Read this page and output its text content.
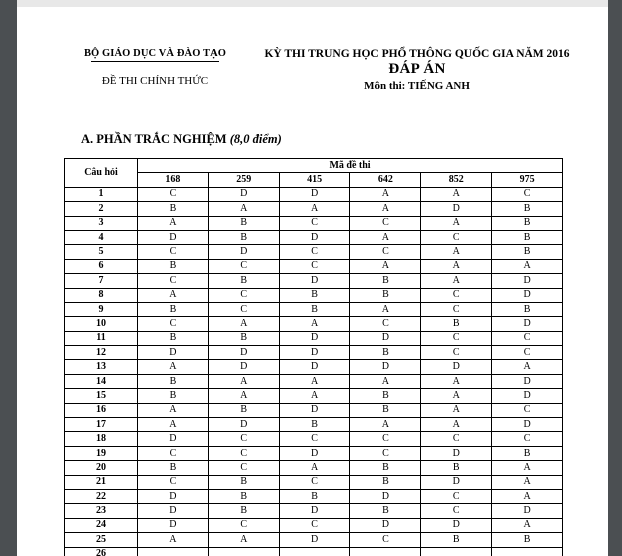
BỘ GIÁO DỤC VÀ ĐÀO TẠO
ĐỀ THI CHÍNH THỨC
KỲ THI TRUNG HỌC PHỔ THÔNG QUỐC GIA NĂM 2016
ĐÁP ÁN
Môn thi: TIẾNG ANH
A. PHẦN TRẮC NGHIỆM (8,0 điểm)
Câu hỏi	Mã đề thi					
	168	259	415	642	852	975
1	C	D	D	A	A	C
2	B	A	A	A	D	B
3	A	B	C	C	A	B
4	D	B	D	A	C	B
5	C	D	C	C	A	B
6	B	C	C	A	A	A
7	C	B	D	B	A	D
8	A	C	B	B	C	D
9	B	C	B	A	C	B
10	C	A	A	C	B	D
11	B	B	D	D	C	C
12	D	D	D	B	C	C
13	A	D	D	D	D	A
14	B	A	A	A	A	D
15	B	A	A	B	A	D
16	A	B	D	B	A	C
17	A	D	B	A	A	D
18	D	C	C	C	C	C
19	C	C	D	C	D	B
20	B	C	A	B	B	A
21	C	B	C	B	D	A
22	D	B	B	D	C	A
23	D	B	D	B	C	D
24	D	C	C	D	D	A
25	A	A	D	C	B	B
26						
